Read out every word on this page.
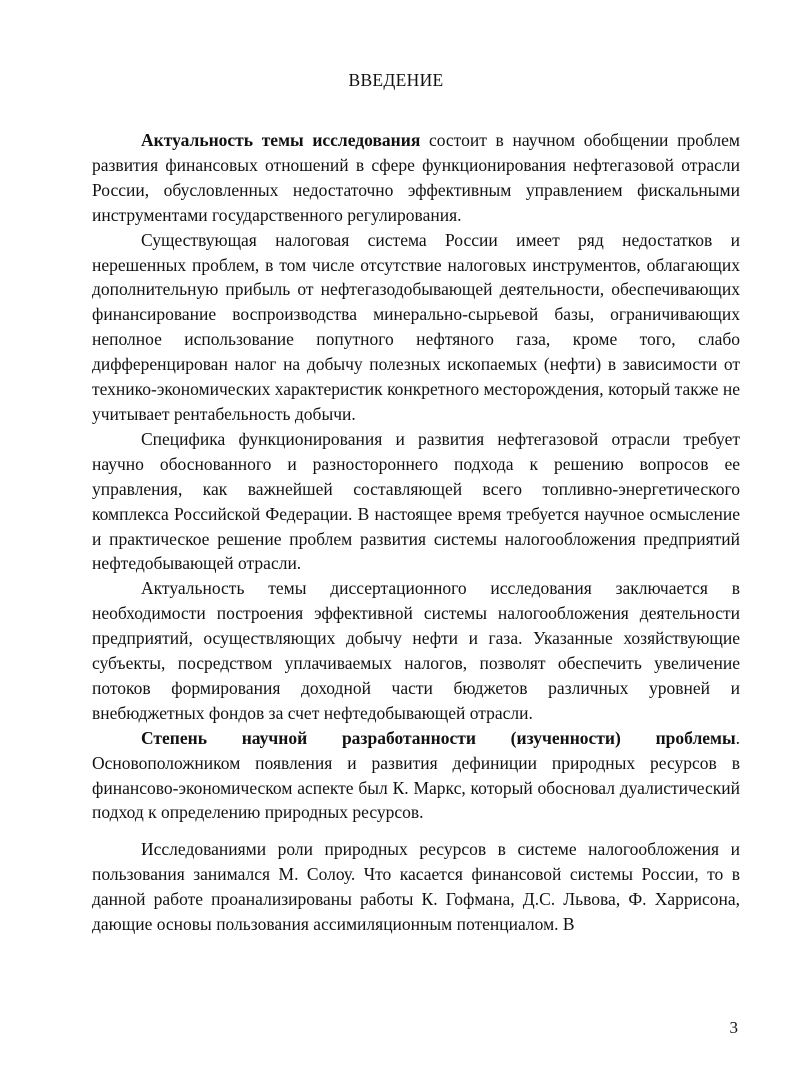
ВВЕДЕНИЕ

Актуальность темы исследования состоит в научном обобщении проблем развития финансовых отношений в сфере функционирования нефтегазовой отрасли России, обусловленных недостаточно эффективным управлением фискальными инструментами государственного регулирования.

Существующая налоговая система России имеет ряд недостатков и нерешенных проблем, в том числе отсутствие налоговых инструментов, облагающих дополнительную прибыль от нефтегазодобывающей деятельности, обеспечивающих финансирование воспроизводства минерально-сырьевой базы, ограничивающих неполное использование попутного нефтяного газа, кроме того, слабо дифференцирован налог на добычу полезных ископаемых (нефти) в зависимости от технико-экономических характеристик конкретного месторождения, который также не учитывает рентабельность добычи.

Специфика функционирования и развития нефтегазовой отрасли требует научно обоснованного и разностороннего подхода к решению вопросов ее управления, как важнейшей составляющей всего топливно-энергетического комплекса Российской Федерации. В настоящее время требуется научное осмысление и практическое решение проблем развития системы налогообложения предприятий нефтедобывающей отрасли.

Актуальность темы диссертационного исследования заключается в необходимости построения эффективной системы налогообложения деятельности предприятий, осуществляющих добычу нефти и газа. Указанные хозяйствующие субъекты, посредством уплачиваемых налогов, позволят обеспечить увеличение потоков формирования доходной части бюджетов различных уровней и внебюджетных фондов за счет нефтедобывающей отрасли.

Степень научной разработанности (изученности) проблемы. Основоположником появления и развития дефиниции природных ресурсов в финансово-экономическом аспекте был К. Маркс, который обосновал дуалистический подход к определению природных ресурсов.

Исследованиями роли природных ресурсов в системе налогообложения и пользования занимался М. Солоу. Что касается финансовой системы России, то в данной работе проанализированы работы К. Гофмана, Д.С. Львова, Ф. Харрисона, дающие основы пользования ассимиляционным потенциалом. В

3
